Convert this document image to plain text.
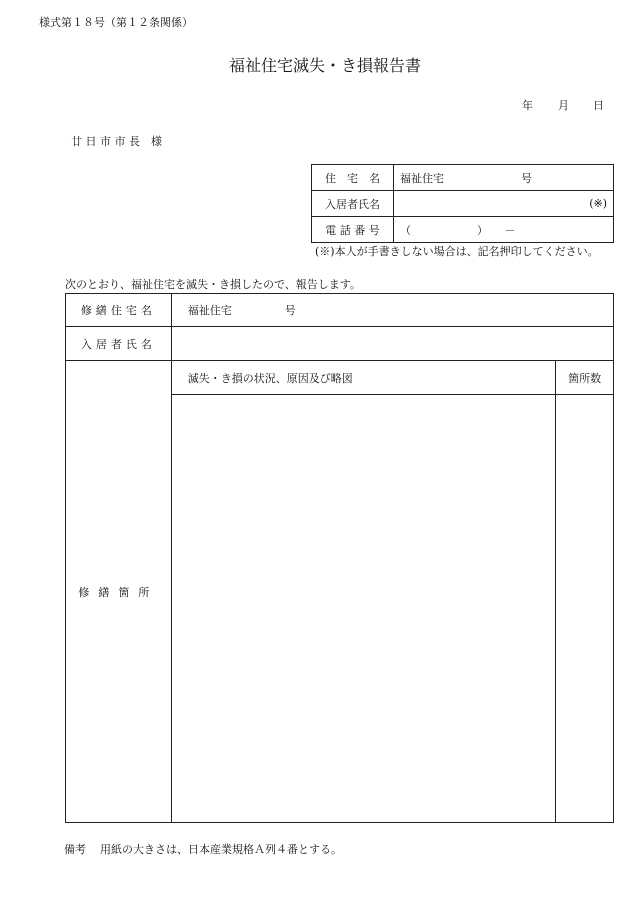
様式第１８号（第１２条関係）
福祉住宅滅失・き損報告書
年 月 日
廿 日 市 市 長　様
住　宅　名	福祉住宅 号
入居者氏名	(※)

電 話 番 号	（　　　　　　）　　－
(※)本人が手書きしない場合は、記名押印してください。
次のとおり、福祉住宅を滅失・き損したので、報告します。
修繕住宅名	福祉住宅 号	
入居者氏名		
修繕箇所	滅失・き損の状況、原因及び略図	箇所数

備考 用紙の大きさは、日本産業規格Ａ列４番とする。
